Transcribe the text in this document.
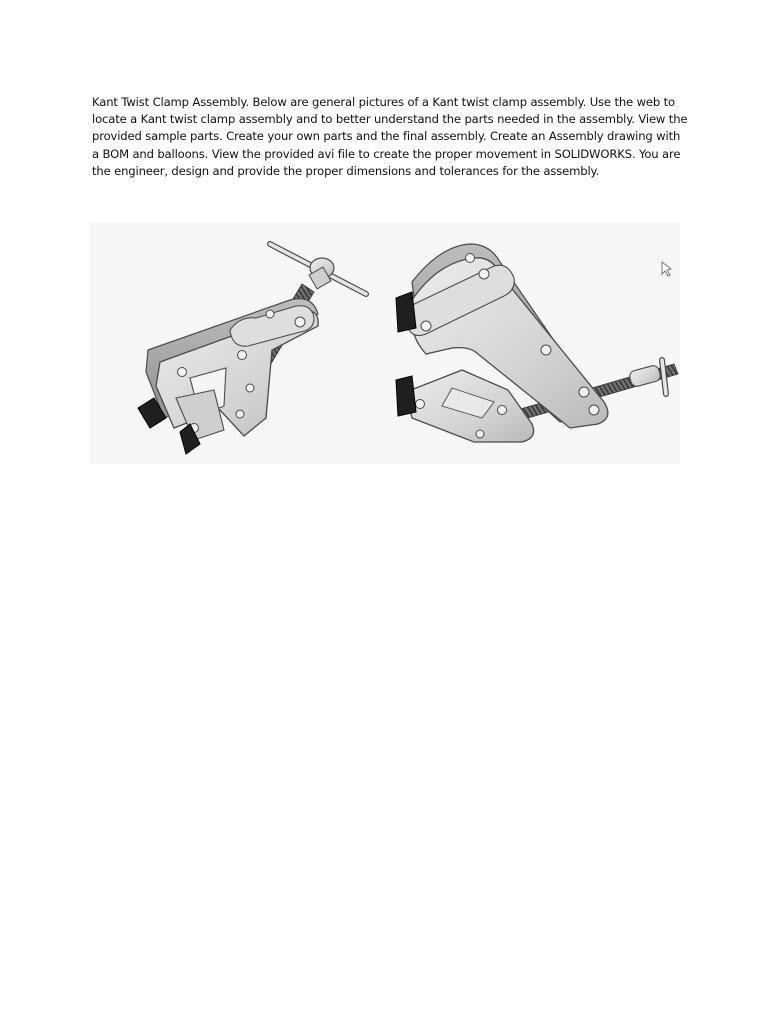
Kant Twist Clamp Assembly. Below are general pictures of a Kant twist clamp assembly. Use the web to
locate a Kant twist clamp assembly and to better understand the parts needed in the assembly. View the
provided sample parts. Create your own parts and the final assembly. Create an Assembly drawing with
a BOM and balloons. View the provided avi file to create the proper movement in SOLIDWORKS. You are
the engineer, design and provide the proper dimensions and tolerances for the assembly.
